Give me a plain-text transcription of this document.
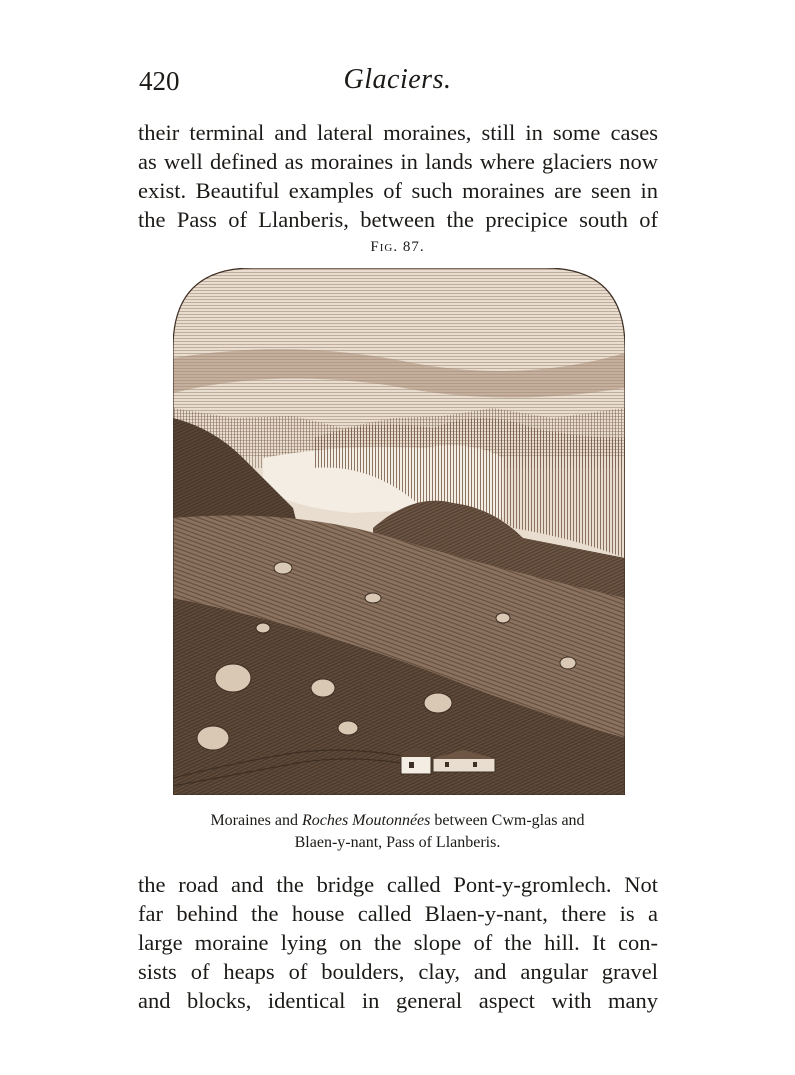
420	Glaciers.
their terminal and lateral moraines, still in some cases
as well defined as moraines in lands where glaciers now
exist. Beautiful examples of such moraines are seen in
the Pass of Llanberis, between the precipice south of
Fig. 87.
Moraines and Roches Moutonnées between Cwm-glas and
Blaen-y-nant, Pass of Llanberis.
the road and the bridge called Pont-y-gromlech. Not
far behind the house called Blaen-y-nant, there is a
large moraine lying on the slope of the hill. It con-
sists of heaps of boulders, clay, and angular gravel
and blocks, identical in general aspect with many
